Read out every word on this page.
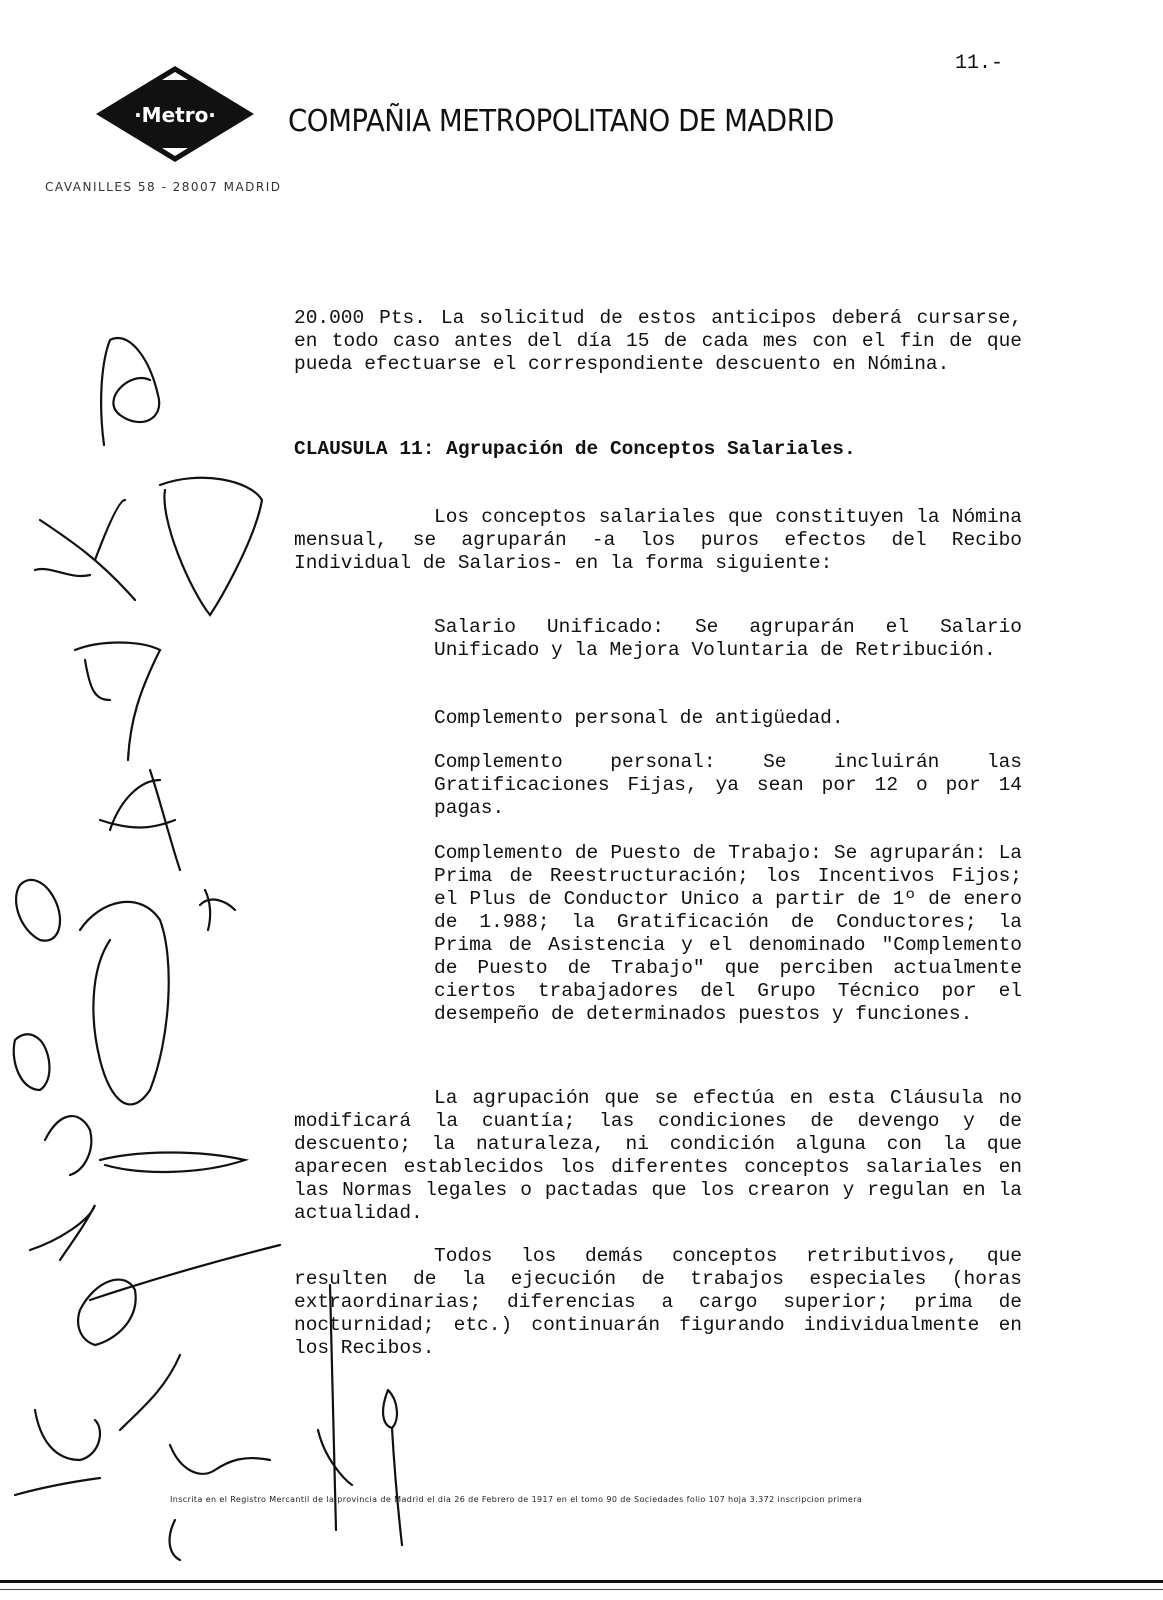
11.-
·Metro· COMPAÑIA METROPOLITANO DE MADRID
CAVANILLES 58 - 28007 MADRID
20.000 Pts. La solicitud de estos anticipos deberá cursarse, en todo caso antes del día 15 de cada mes con el fin de que pueda efectuarse el correspondiente descuento en Nómina.
CLAUSULA 11: Agrupación de Conceptos Salariales.
Los conceptos salariales que constituyen la Nómina mensual, se agruparán -a los puros efectos del Recibo Individual de Salarios- en la forma siguiente:
Salario Unificado: Se agruparán el Salario Unificado y la Mejora Voluntaria de Retribución.
Complemento personal de antigüedad.
Complemento personal: Se incluirán las Gratificaciones Fijas, ya sean por 12 o por 14 pagas.
Complemento de Puesto de Trabajo: Se agruparán: La Prima de Reestructuración; los Incentivos Fijos; el Plus de Conductor Unico a partir de 1º de enero de 1.988; la Gratificación de Conductores; la Prima de Asistencia y el denominado "Complemento de Puesto de Trabajo" que perciben actualmente ciertos trabajadores del Grupo Técnico por el desempeño de determinados puestos y funciones.
La agrupación que se efectúa en esta Cláusula no modificará la cuantía; las condiciones de devengo y de descuento; la naturaleza, ni condición alguna con la que aparecen establecidos los diferentes conceptos salariales en las Normas legales o pactadas que los crearon y regulan en la actualidad.
Todos los demás conceptos retributivos, que resulten de la ejecución de trabajos especiales (horas extraordinarias; diferencias a cargo superior; prima de nocturnidad; etc.) continuarán figurando individualmente en los Recibos.
Inscrita en el Registro Mercantil de la provincia de Madrid el dia 26 de Febrero de 1917 en el tomo 90 de Sociedades folio 107 hoja 3.372 inscripcion primera
